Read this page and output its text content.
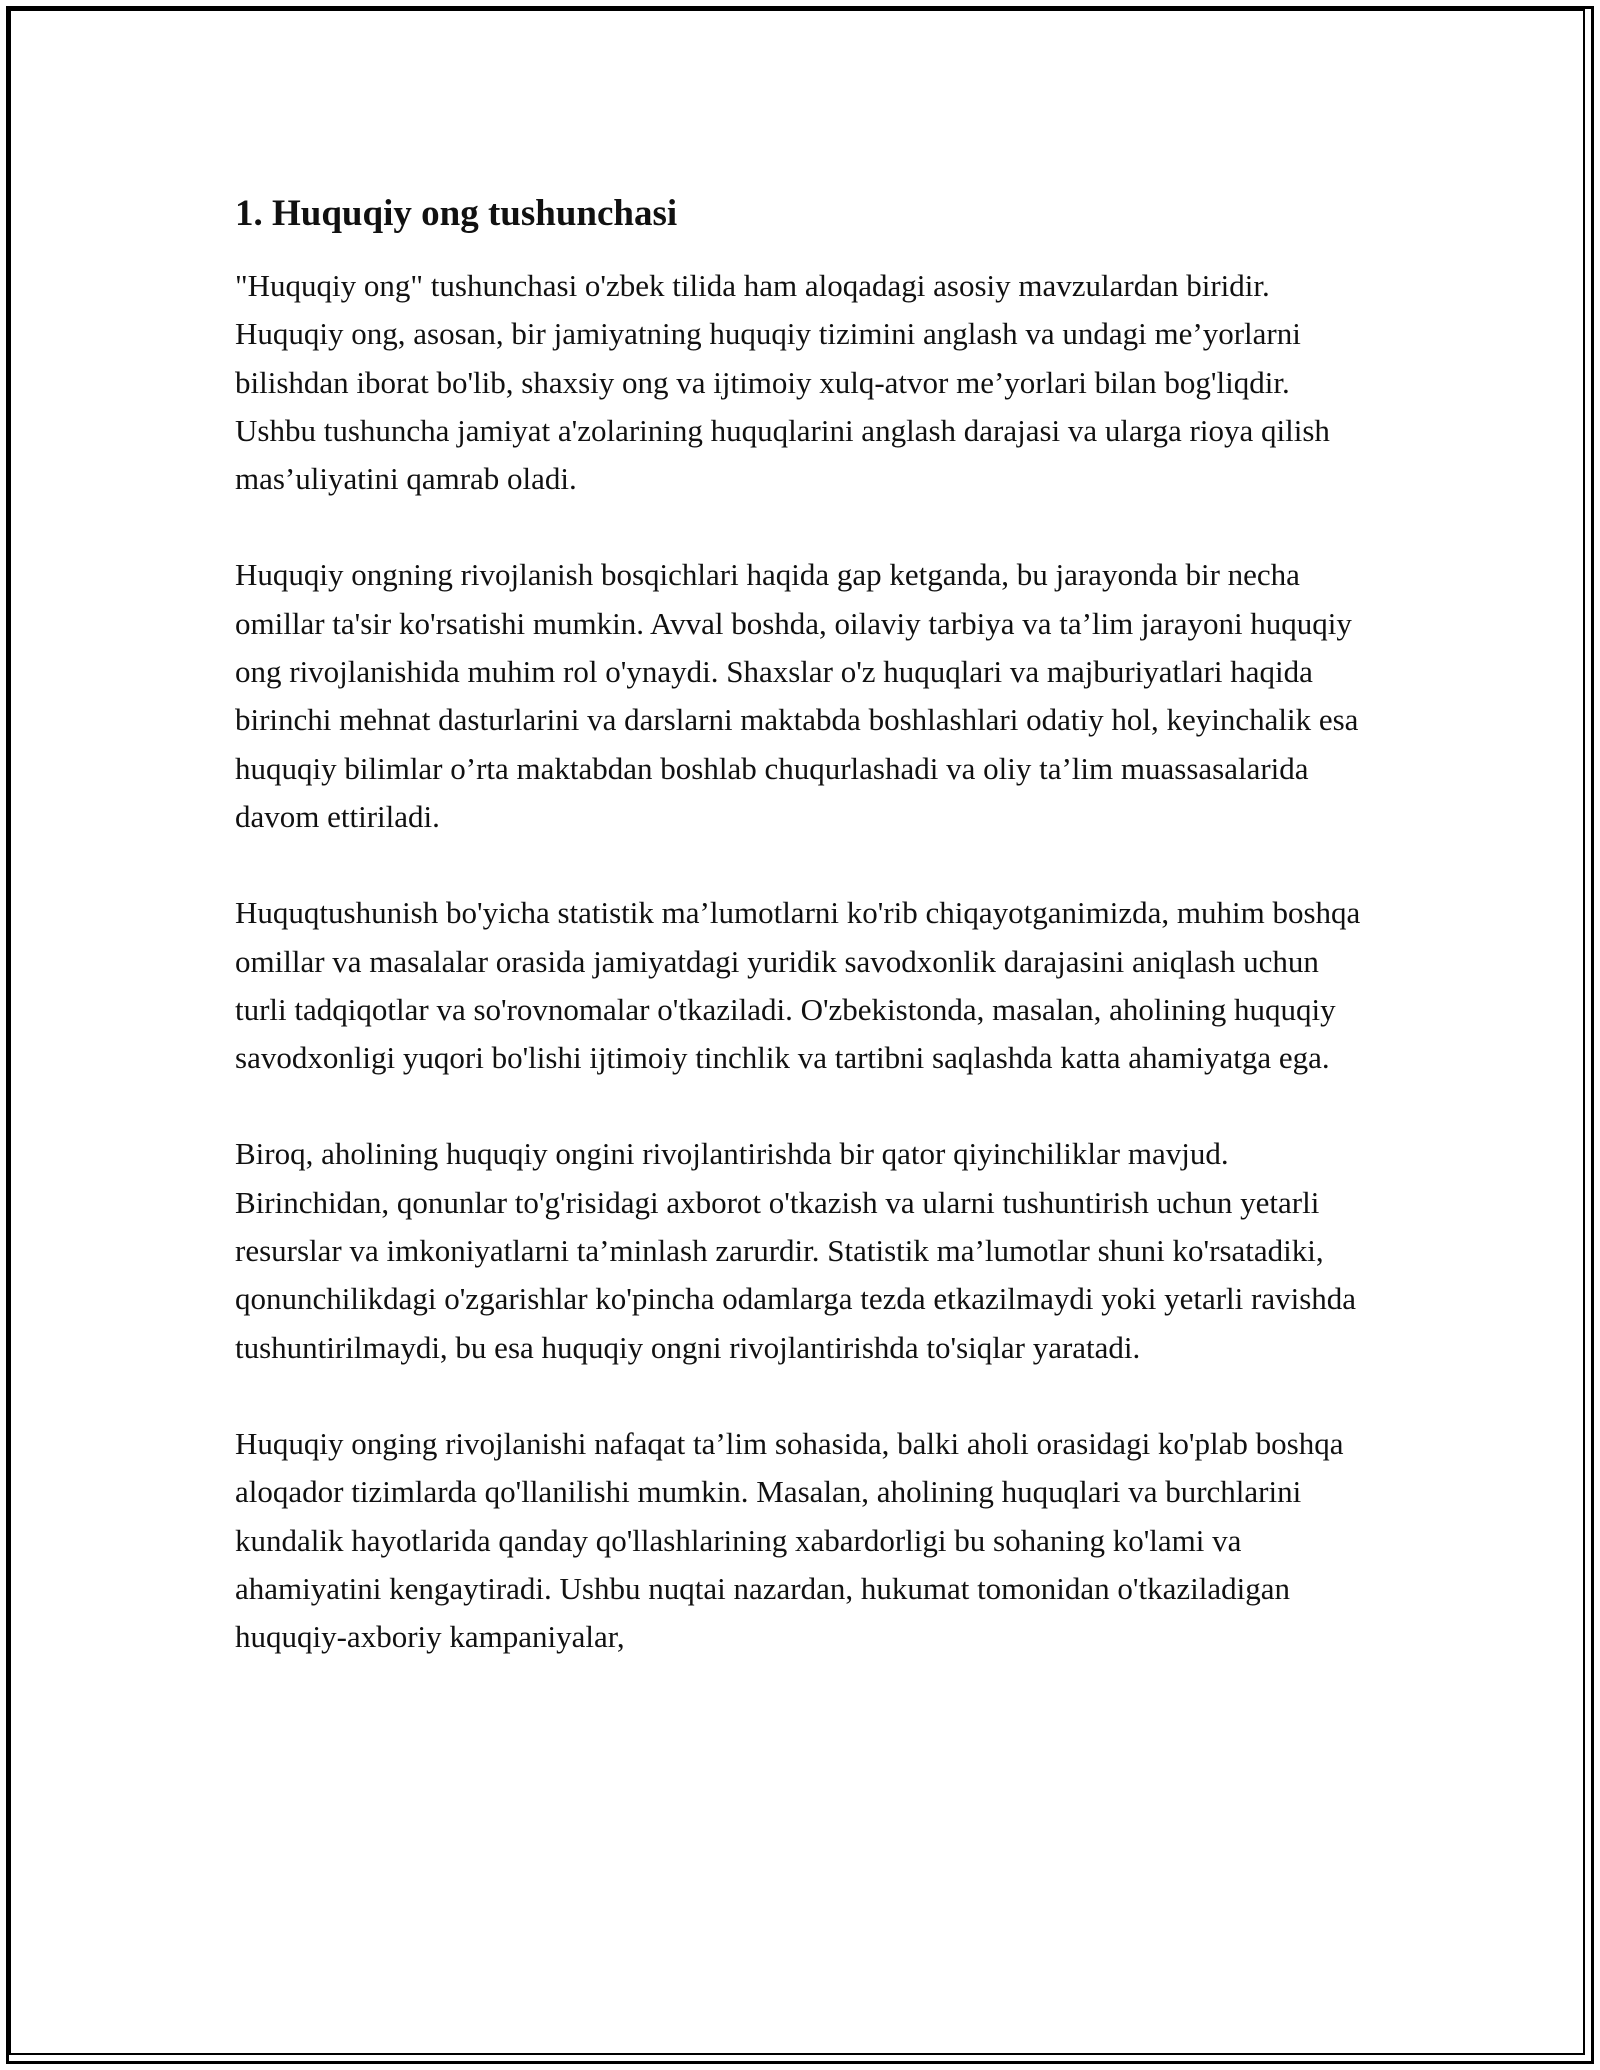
1. Huquqiy ong tushunchasi

"Huquqiy ong" tushunchasi o'zbek tilida ham aloqadagi asosiy mavzulardan biridir. Huquqiy ong, asosan, bir jamiyatning huquqiy tizimini anglash va undagi me’yorlarni bilishdan iborat bo'lib, shaxsiy ong va ijtimoiy xulq-atvor me’yorlari bilan bog'liqdir. Ushbu tushuncha jamiyat a'zolarining huquqlarini anglash darajasi va ularga rioya qilish mas’uliyatini qamrab oladi.

Huquqiy ongning rivojlanish bosqichlari haqida gap ketganda, bu jarayonda bir necha omillar ta'sir ko'rsatishi mumkin. Avval boshda, oilaviy tarbiya va ta’lim jarayoni huquqiy ong rivojlanishida muhim rol o'ynaydi. Shaxslar o'z huquqlari va majburiyatlari haqida birinchi mehnat dasturlarini va darslarni maktabda boshlashlari odatiy hol, keyinchalik esa huquqiy bilimlar o’rta maktabdan boshlab chuqurlashadi va oliy ta’lim muassasalarida davom ettiriladi.

Huquqtushunish bo'yicha statistik ma’lumotlarni ko'rib chiqayotganimizda, muhim boshqa omillar va masalalar orasida jamiyatdagi yuridik savodxonlik darajasini aniqlash uchun turli tadqiqotlar va so'rovnomalar o'tkaziladi. O'zbekistonda, masalan, aholining huquqiy savodxonligi yuqori bo'lishi ijtimoiy tinchlik va tartibni saqlashda katta ahamiyatga ega.

Biroq, aholining huquqiy ongini rivojlantirishda bir qator qiyinchiliklar mavjud. Birinchidan, qonunlar to'g'risidagi axborot o'tkazish va ularni tushuntirish uchun yetarli resurslar va imkoniyatlarni ta’minlash zarurdir. Statistik ma’lumotlar shuni ko'rsatadiki, qonunchilikdagi o'zgarishlar ko'pincha odamlarga tezda etkazilmaydi yoki yetarli ravishda tushuntirilmaydi, bu esa huquqiy ongni rivojlantirishda to'siqlar yaratadi.

Huquqiy onging rivojlanishi nafaqat ta’lim sohasida, balki aholi orasidagi ko'plab boshqa aloqador tizimlarda qo'llanilishi mumkin. Masalan, aholining huquqlari va burchlarini kundalik hayotlarida qanday qo'llashlarining xabardorligi bu sohaning ko'lami va ahamiyatini kengaytiradi. Ushbu nuqtai nazardan, hukumat tomonidan o'tkaziladigan huquqiy-axboriy kampaniyalar,
